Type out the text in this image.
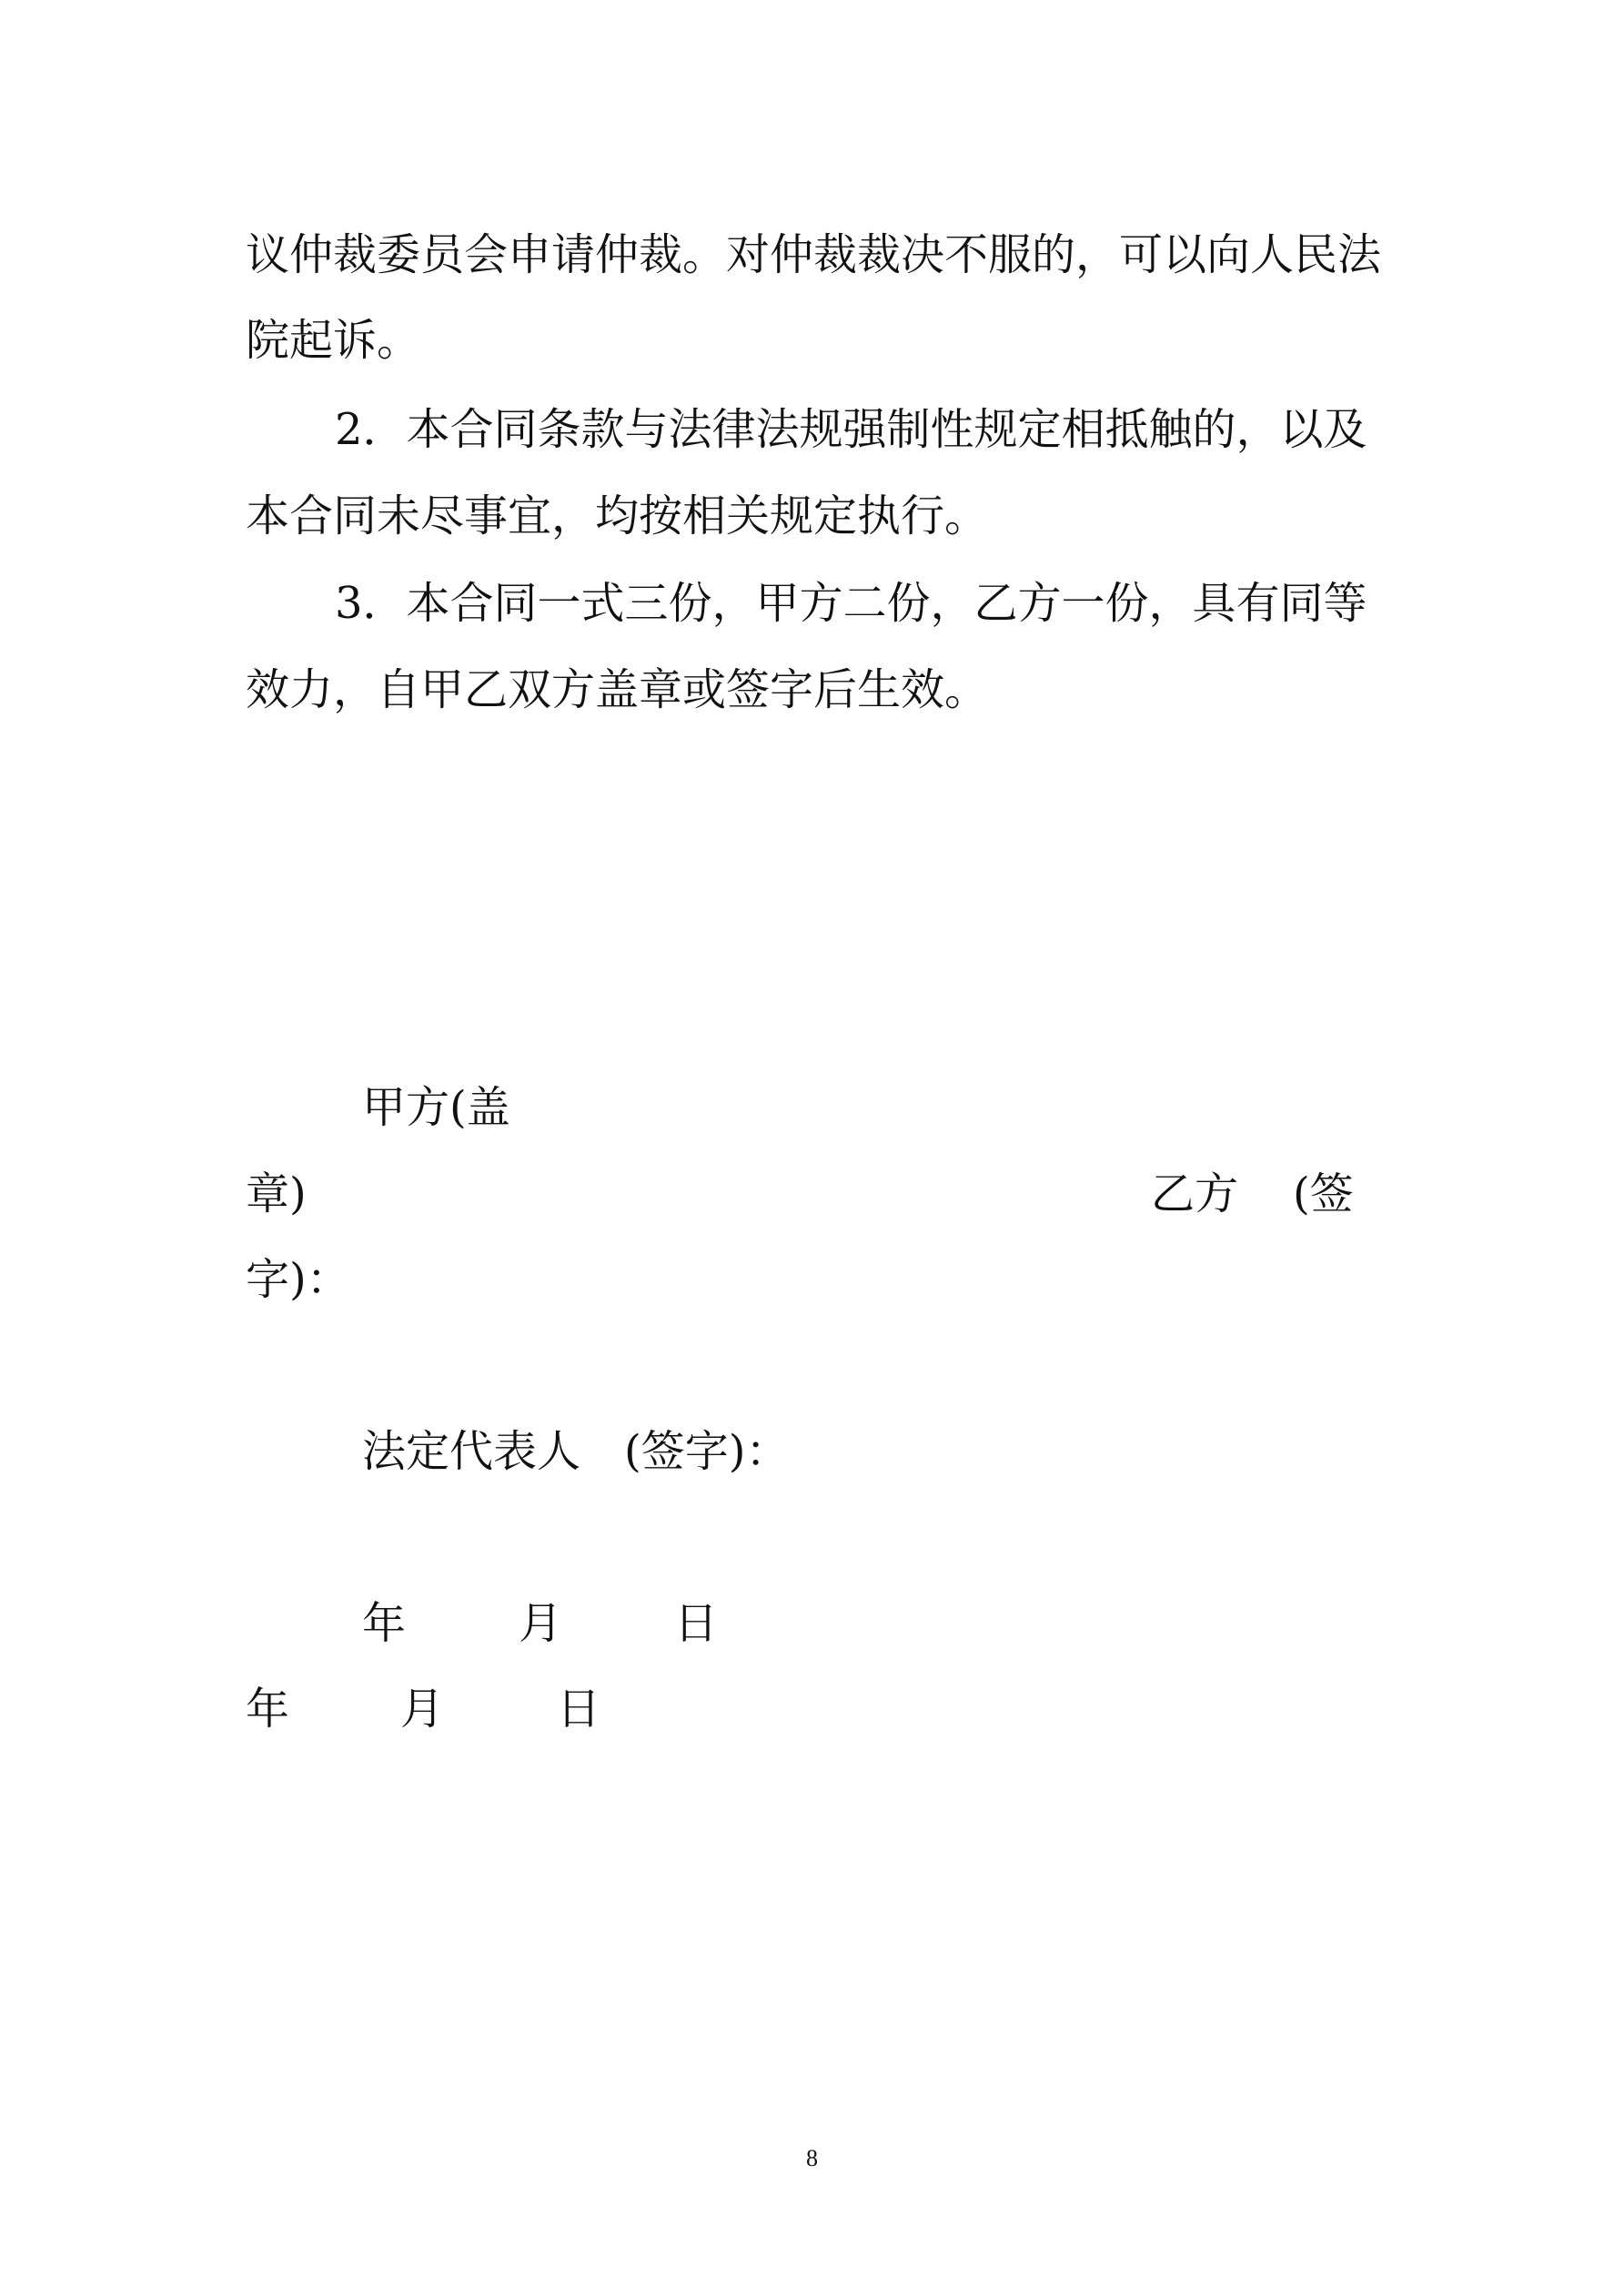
议仲裁委员会申请仲裁。对仲裁裁决不服的，可以向人民法
院起诉。
2．本合同条款与法律法规强制性规定相抵触的，以及
本合同未尽事宜，均按相关规定执行。
3．本合同一式三份，甲方二份，乙方一份，具有同等
效力，自甲乙双方盖章或签字后生效。
甲方(盖
章)	乙方 (签
字)：
法定代表人　(签字)：
年	月	日
年	月	日
8
